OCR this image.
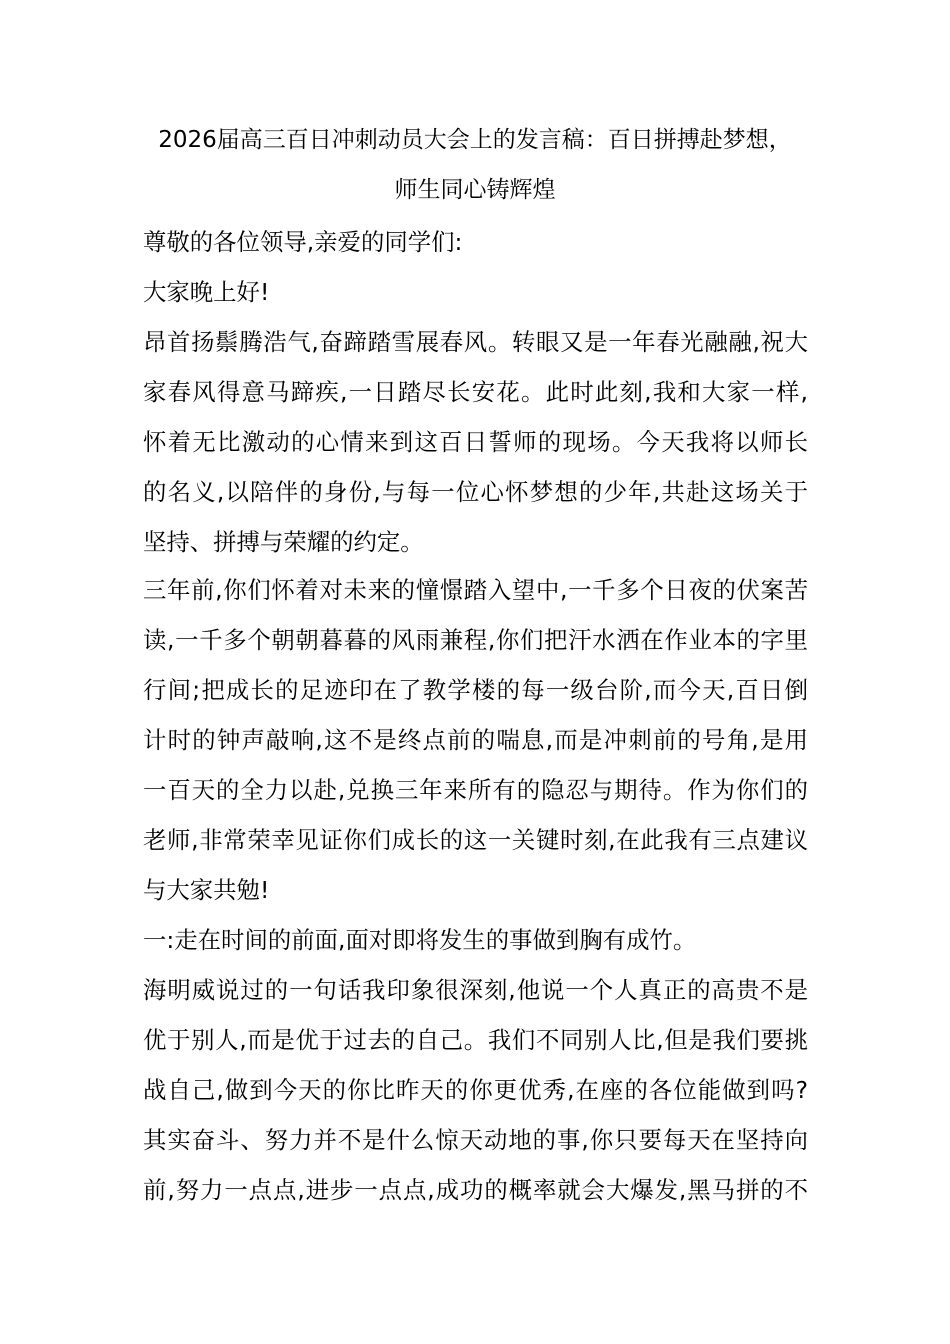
2026届高三百日冲刺动员大会上的发言稿：百日拼搏赴梦想，
师生同心铸辉煌
尊敬的各位领导,亲爱的同学们:
大家晚上好!
昂首扬鬃腾浩气,奋蹄踏雪展春风。转眼又是一年春光融融,祝大
家春风得意马蹄疾,一日踏尽长安花。此时此刻,我和大家一样,
怀着无比激动的心情来到这百日誓师的现场。今天我将以师长
的名义,以陪伴的身份,与每一位心怀梦想的少年,共赴这场关于
坚持、拼搏与荣耀的约定。
三年前,你们怀着对未来的憧憬踏入望中,一千多个日夜的伏案苦
读,一千多个朝朝暮暮的风雨兼程,你们把汗水洒在作业本的字里
行间;把成长的足迹印在了教学楼的每一级台阶,而今天,百日倒
计时的钟声敲响,这不是终点前的喘息,而是冲刺前的号角,是用
一百天的全力以赴,兑换三年来所有的隐忍与期待。作为你们的
老师,非常荣幸见证你们成长的这一关键时刻,在此我有三点建议
与大家共勉!
一:走在时间的前面,面对即将发生的事做到胸有成竹。
海明威说过的一句话我印象很深刻,他说一个人真正的高贵不是
优于别人,而是优于过去的自己。我们不同别人比,但是我们要挑
战自己,做到今天的你比昨天的你更优秀,在座的各位能做到吗?
其实奋斗、努力并不是什么惊天动地的事,你只要每天在坚持向
前,努力一点点,进步一点点,成功的概率就会大爆发,黑马拼的不
